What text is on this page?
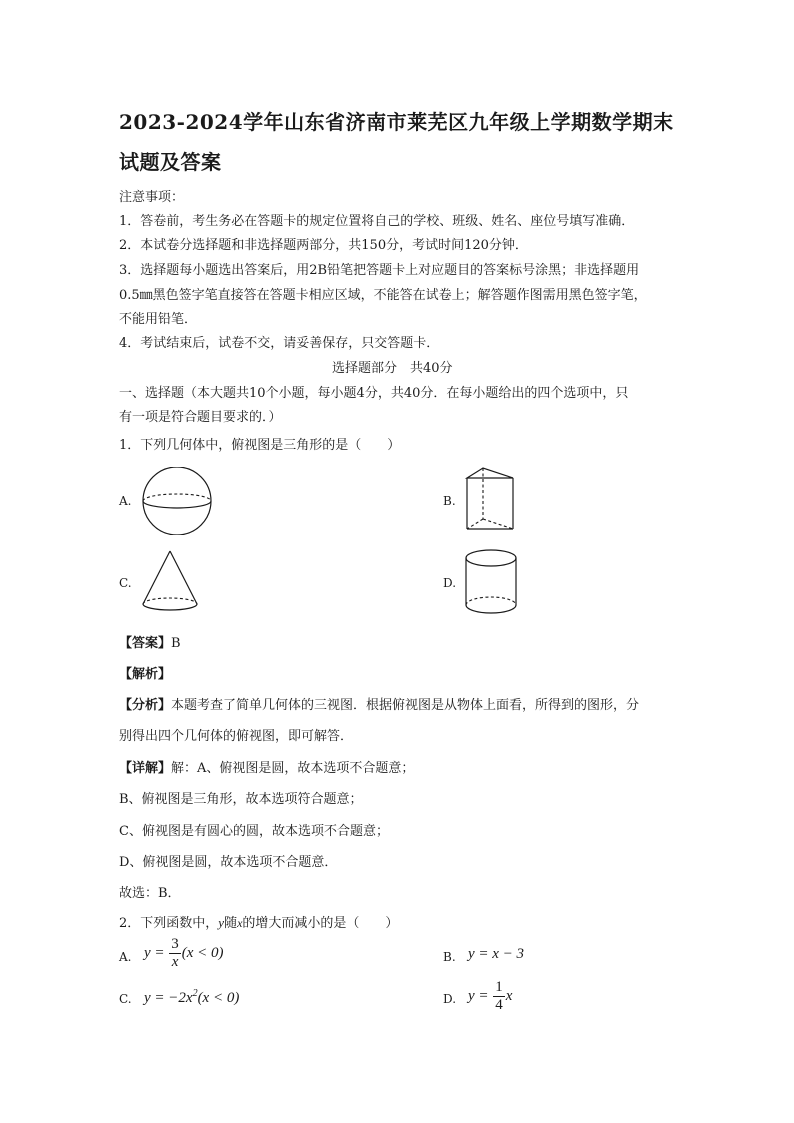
2023-2024学年山东省济南市莱芜区九年级上学期数学期末
试题及答案
注意事项：
1．答卷前，考生务必在答题卡的规定位置将自己的学校、班级、姓名、座位号填写准确．
2．本试卷分选择题和非选择题两部分，共150分，考试时间120分钟．
3．选择题每小题选出答案后，用2B铅笔把答题卡上对应题目的答案标号涂黑；非选择题用
0.5㎜黑色签字笔直接答在答题卡相应区域，不能答在试卷上；解答题作图需用黑色签字笔，
不能用铅笔．
4．考试结束后，试卷不交，请妥善保存，只交答题卡．
选择题部分　共40分
一、选择题（本大题共10个小题，每小题4分，共40分．在每小题给出的四个选项中，只
有一项是符合题目要求的．）
1．下列几何体中，俯视图是三角形的是（　　）
A.	B.
C.	D.
【答案】B
【解析】
【分析】本题考查了简单几何体的三视图．根据俯视图是从物体上面看，所得到的图形，分
别得出四个几何体的俯视图，即可解答．
【详解】解：A、俯视图是圆，故本选项不合题意；
B、俯视图是三角形，故本选项符合题意；
C、俯视图是有圆心的圆，故本选项不合题意；
D、俯视图是圆，故本选项不合题意．
故选：B．
2．下列函数中，y随x的增大而减小的是（　　）
A. $y = \frac{3}{x} (x < 0)$	B. y = x − 3
C. $y = -2x^2(x < 0)$	D. $y = \frac{1}{4}$ x
